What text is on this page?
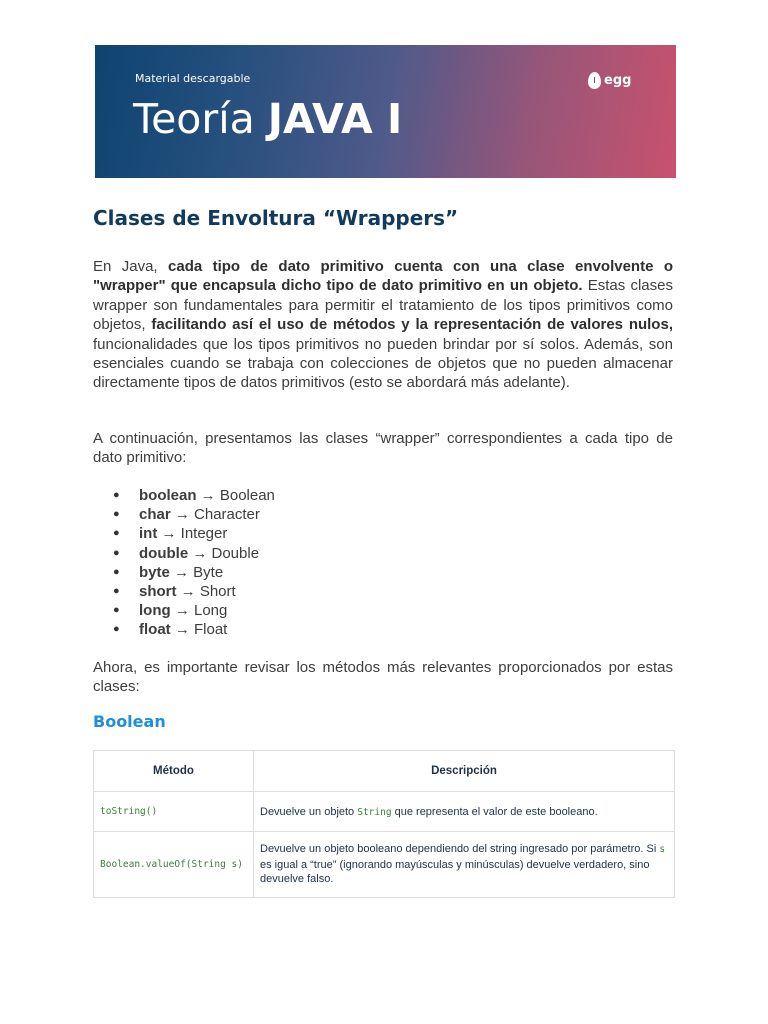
Material descargable	egg
Teoría JAVA I
Clases de Envoltura “Wrappers”

En Java, cada tipo de dato primitivo cuenta con una clase envolvente o "wrapper" que encapsula dicho tipo de dato primitivo en un objeto. Estas clases wrapper son fundamentales para permitir el tratamiento de los tipos primitivos como objetos, facilitando así el uso de métodos y la representación de valores nulos, funcionalidades que los tipos primitivos no pueden brindar por sí solos. Además, son esenciales cuando se trabaja con colecciones de objetos que no pueden almacenar directamente tipos de datos primitivos (esto se abordará más adelante).

A continuación, presentamos las clases “wrapper” correspondientes a cada tipo de dato primitivo:

● boolean → Boolean
● char → Character
● int → Integer
● double → Double
● byte → Byte
● short → Short
● long → Long
● float → Float

Ahora, es importante revisar los métodos más relevantes proporcionados por estas clases:

Boolean
Método	Descripción
toString()	Devuelve un objeto String que representa el valor de este booleano.
Boolean.valueOf(String s)	Devuelve un objeto booleano dependiendo del string ingresado por parámetro. Si s es igual a “true” (ignorando mayúsculas y minúsculas) devuelve verdadero, sino devuelve falso.
